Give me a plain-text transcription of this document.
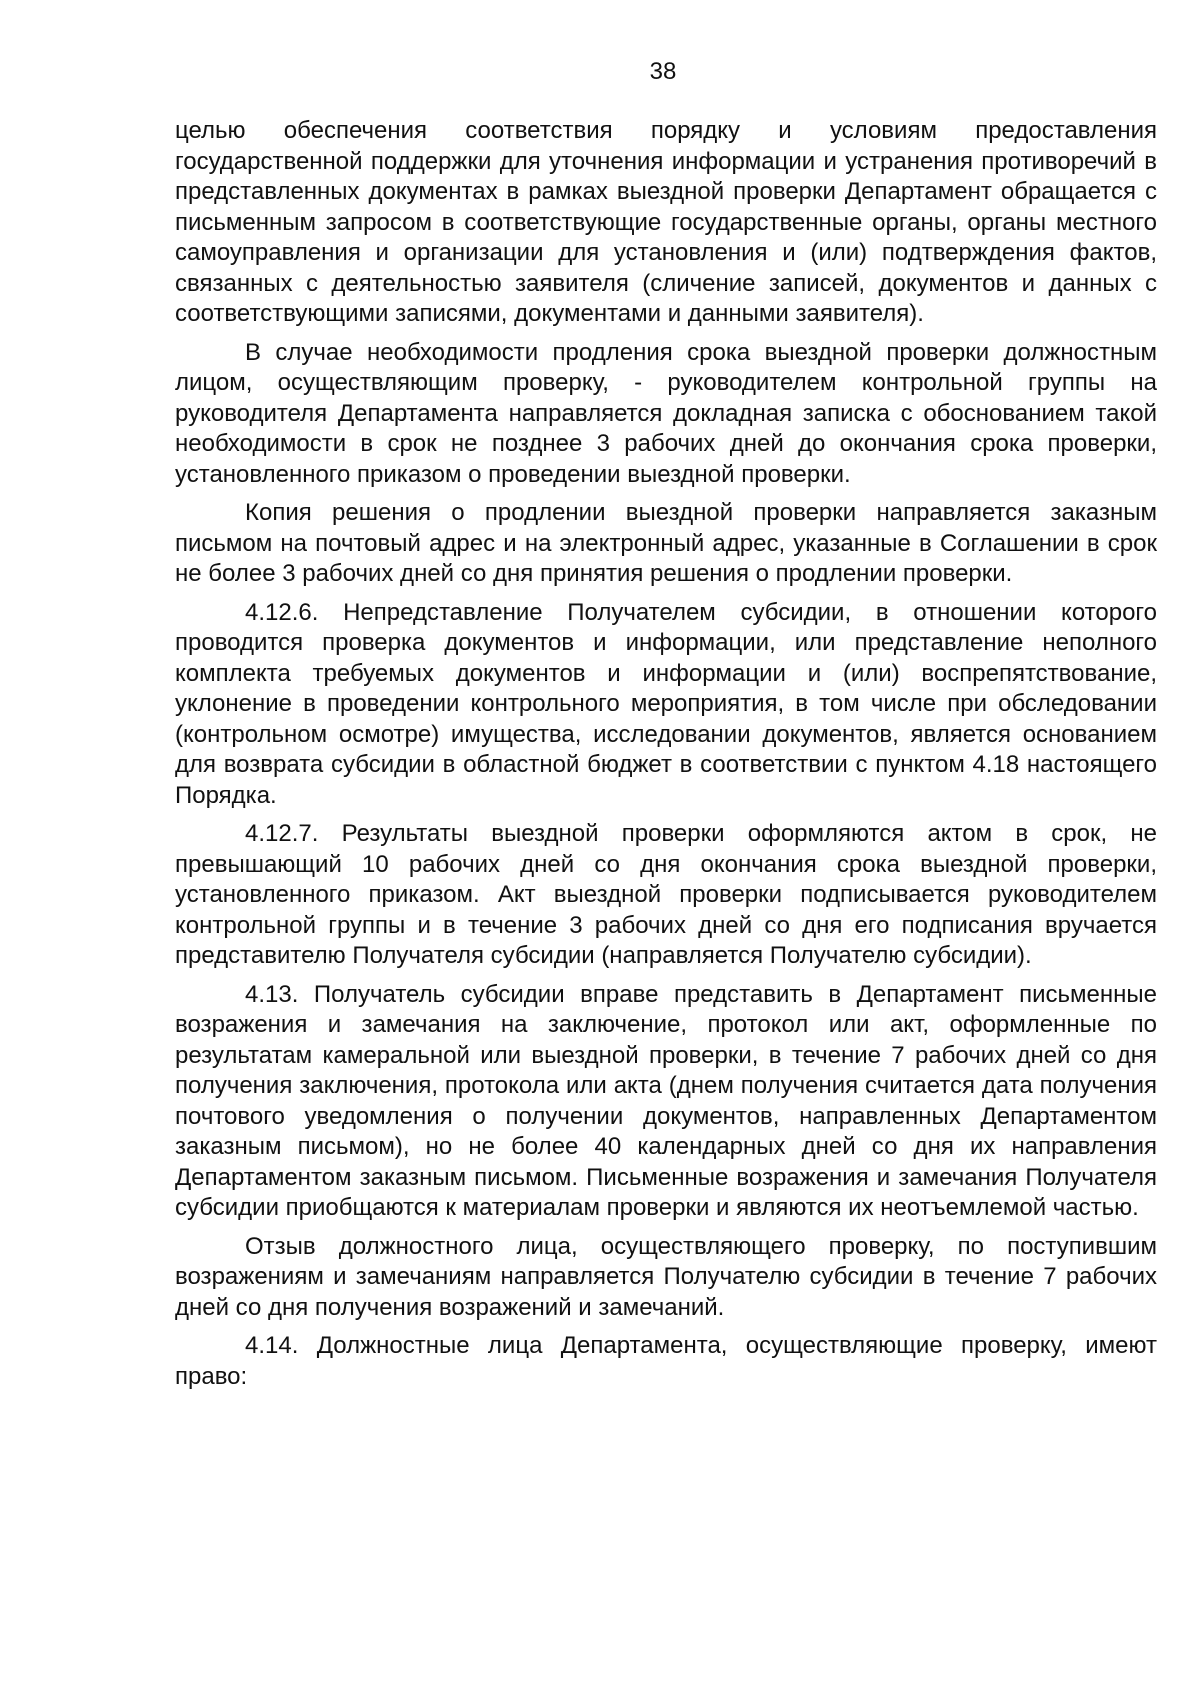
38

целью обеспечения соответствия порядку и условиям предоставления государственной поддержки для уточнения информации и устранения противоречий в представленных документах в рамках выездной проверки Департамент обращается с письменным запросом в соответствующие государственные органы, органы местного самоуправления и организации для установления и (или) подтверждения фактов, связанных с деятельностью заявителя (сличение записей, документов и данных с соответствующими записями, документами и данными заявителя).

В случае необходимости продления срока выездной проверки должностным лицом, осуществляющим проверку, - руководителем контрольной группы на руководителя Департамента направляется докладная записка с обоснованием такой необходимости в срок не позднее 3 рабочих дней до окончания срока проверки, установленного приказом о проведении выездной проверки.

Копия решения о продлении выездной проверки направляется заказным письмом на почтовый адрес и на электронный адрес, указанные в Соглашении в срок не более 3 рабочих дней со дня принятия решения о продлении проверки.

4.12.6. Непредставление Получателем субсидии, в отношении которого проводится проверка документов и информации, или представление неполного комплекта требуемых документов и информации и (или) воспрепятствование, уклонение в проведении контрольного мероприятия, в том числе при обследовании (контрольном осмотре) имущества, исследовании документов, является основанием для возврата субсидии в областной бюджет в соответствии с пунктом 4.18 настоящего Порядка.

4.12.7. Результаты выездной проверки оформляются актом в срок, не превышающий 10 рабочих дней со дня окончания срока выездной проверки, установленного приказом. Акт выездной проверки подписывается руководителем контрольной группы и в течение 3 рабочих дней со дня его подписания вручается представителю Получателя субсидии (направляется Получателю субсидии).

4.13. Получатель субсидии вправе представить в Департамент письменные возражения и замечания на заключение, протокол или акт, оформленные по результатам камеральной или выездной проверки, в течение 7 рабочих дней со дня получения заключения, протокола или акта (днем получения считается дата получения почтового уведомления о получении документов, направленных Департаментом заказным письмом), но не более 40 календарных дней со дня их направления Департаментом заказным письмом. Письменные возражения и замечания Получателя субсидии приобщаются к материалам проверки и являются их неотъемлемой частью.

Отзыв должностного лица, осуществляющего проверку, по поступившим возражениям и замечаниям направляется Получателю субсидии в течение 7 рабочих дней со дня получения возражений и замечаний.

4.14. Должностные лица Департамента, осуществляющие проверку, имеют право:
